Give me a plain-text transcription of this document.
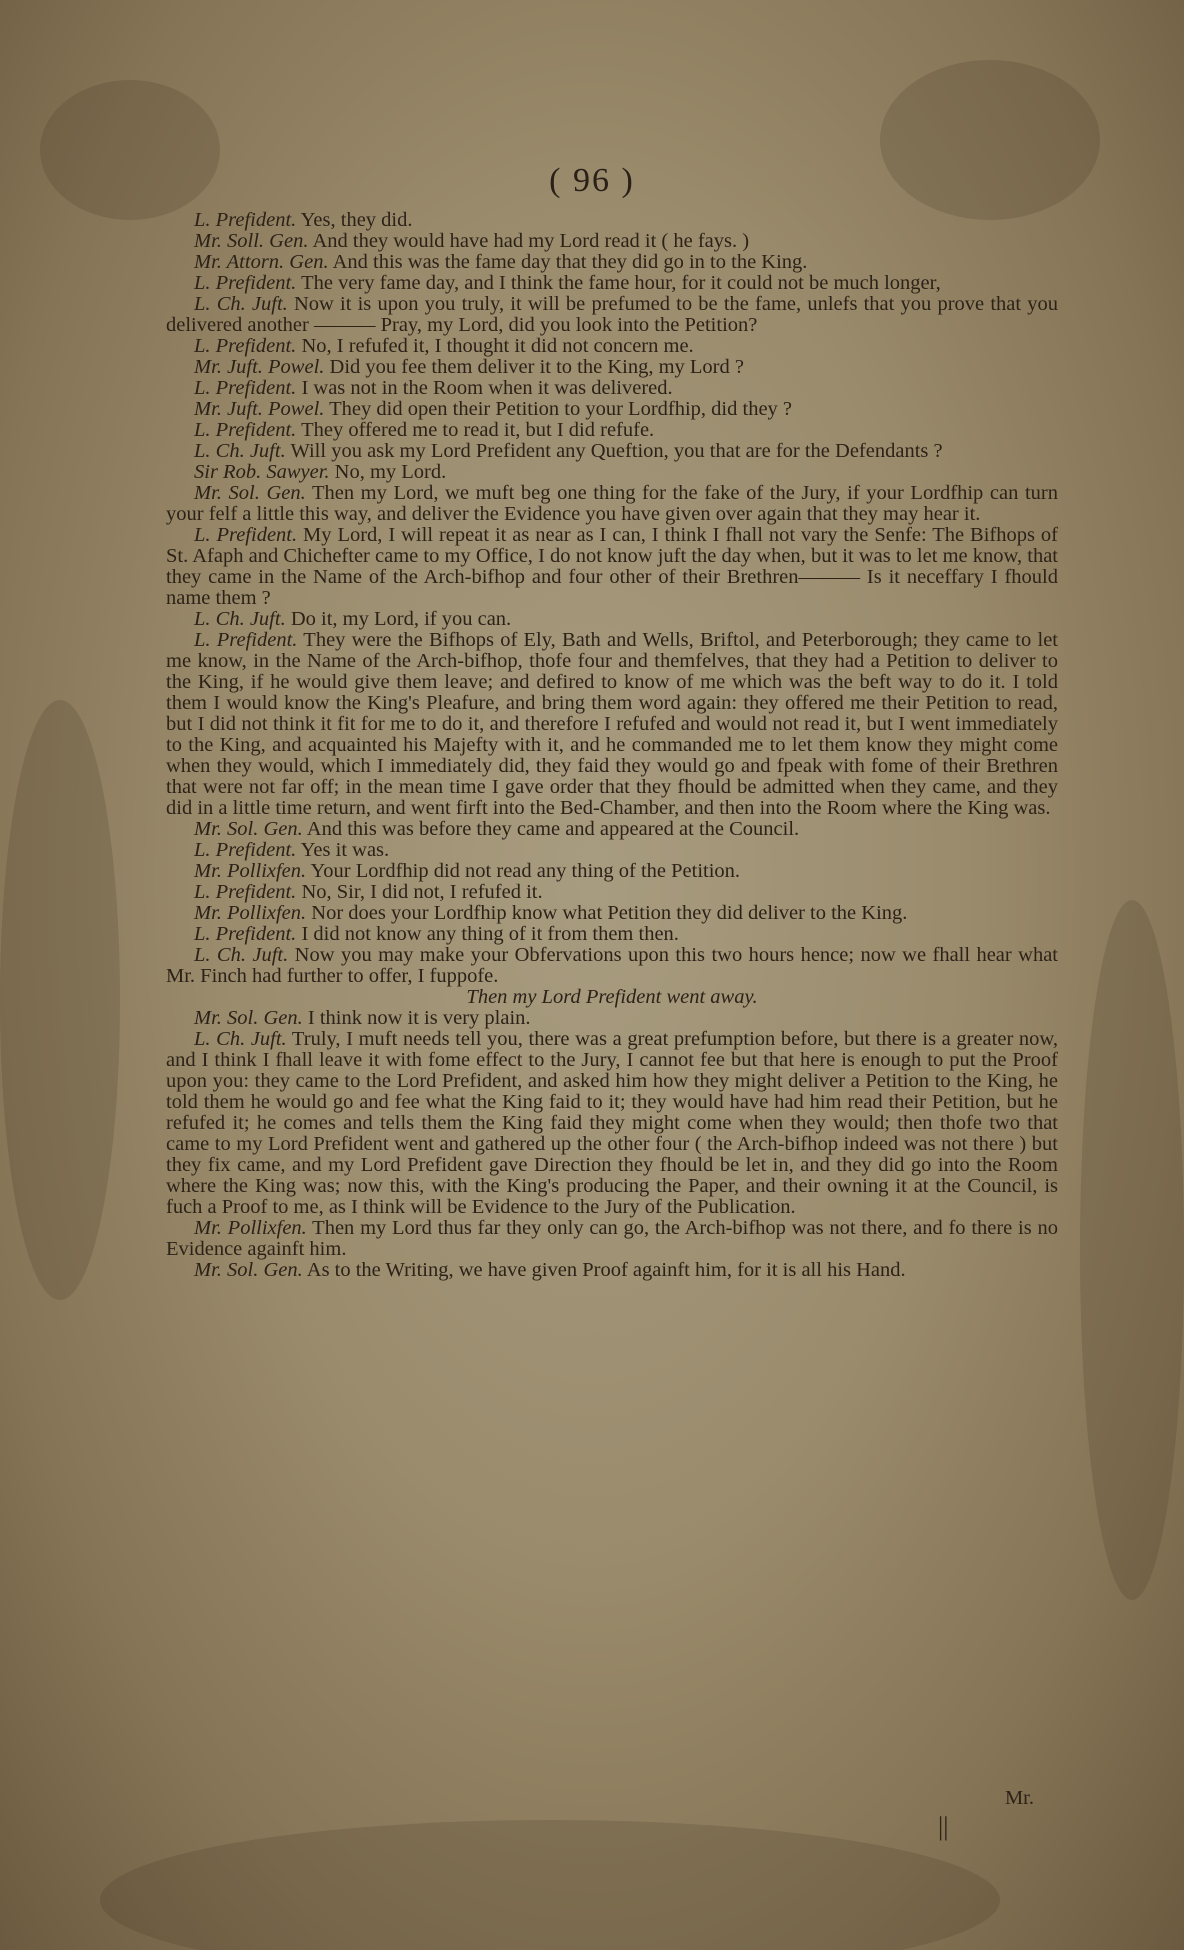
( 96 )

L. Prefident. Yes, they did.

Mr. Soll. Gen. And they would have had my Lord read it ( he fays. )

Mr. Attorn. Gen. And this was the fame day that they did go in to the King.

L. Prefident. The very fame day, and I think the fame hour, for it could not be much longer,

L. Ch. Juft. Now it is upon you truly, it will be prefumed to be the fame, unlefs that you prove that you delivered another ——— Pray, my Lord, did you look into the Petition?

L. Prefident. No, I refufed it, I thought it did not concern me.

Mr. Juft. Powel. Did you fee them deliver it to the King, my Lord ?

L. Prefident. I was not in the Room when it was delivered.

Mr. Juft. Powel. They did open their Petition to your Lordfhip, did they ?

L. Prefident. They offered me to read it, but I did refufe.

L. Ch. Juft. Will you ask my Lord Prefident any Queftion, you that are for the Defendants ?

Sir Rob. Sawyer. No, my Lord.

Mr. Sol. Gen. Then my Lord, we muft beg one thing for the fake of the Jury, if your Lordfhip can turn your felf a little this way, and deliver the Evidence you have given over again that they may hear it.

L. Prefident. My Lord, I will repeat it as near as I can, I think I fhall not vary the Senfe: The Bifhops of St. Afaph and Chichefter came to my Office, I do not know juft the day when, but it was to let me know, that they came in the Name of the Arch-bifhop and four other of their Brethren——— Is it neceffary I fhould name them ?

L. Ch. Juft. Do it, my Lord, if you can.

L. Prefident. They were the Bifhops of Ely, Bath and Wells, Briftol, and Peterborough; they came to let me know, in the Name of the Arch-bifhop, thofe four and themfelves, that they had a Petition to deliver to the King, if he would give them leave; and defired to know of me which was the beft way to do it. I told them I would know the King's Pleafure, and bring them word again: they offered me their Petition to read, but I did not think it fit for me to do it, and therefore I refufed and would not read it, but I went immediately to the King, and acquainted his Majefty with it, and he commanded me to let them know they might come when they would, which I immediately did, they faid they would go and fpeak with fome of their Brethren that were not far off; in the mean time I gave order that they fhould be admitted when they came, and they did in a little time return, and went firft into the Bed-Chamber, and then into the Room where the King was.

Mr. Sol. Gen. And this was before they came and appeared at the Council.

L. Prefident. Yes it was.

Mr. Pollixfen. Your Lordfhip did not read any thing of the Petition.

L. Prefident. No, Sir, I did not, I refufed it.

Mr. Pollixfen. Nor does your Lordfhip know what Petition they did deliver to the King.

L. Prefident. I did not know any thing of it from them then.

L. Ch. Juft. Now you may make your Obfervations upon this two hours hence; now we fhall hear what Mr. Finch had further to offer, I fuppofe.

Then my Lord Prefident went away.

Mr. Sol. Gen. I think now it is very plain.

L. Ch. Juft. Truly, I muft needs tell you, there was a great prefumption before, but there is a greater now, and I think I fhall leave it with fome effect to the Jury, I cannot fee but that here is enough to put the Proof upon you: they came to the Lord Prefident, and asked him how they might deliver a Petition to the King, he told them he would go and fee what the King faid to it; they would have had him read their Petition, but he refufed it; he comes and tells them the King faid they might come when they would; then thofe two that came to my Lord Prefident went and gathered up the other four ( the Arch-bifhop indeed was not there ) but they fix came, and my Lord Prefident gave Direction they fhould be let in, and they did go into the Room where the King was; now this, with the King's producing the Paper, and their owning it at the Council, is fuch a Proof to me, as I think will be Evidence to the Jury of the Publication.

Mr. Pollixfen. Then my Lord thus far they only can go, the Arch-bifhop was not there, and fo there is no Evidence againft him.

Mr. Sol. Gen. As to the Writing, we have given Proof againft him, for it is all his Hand.

Mr.
||
